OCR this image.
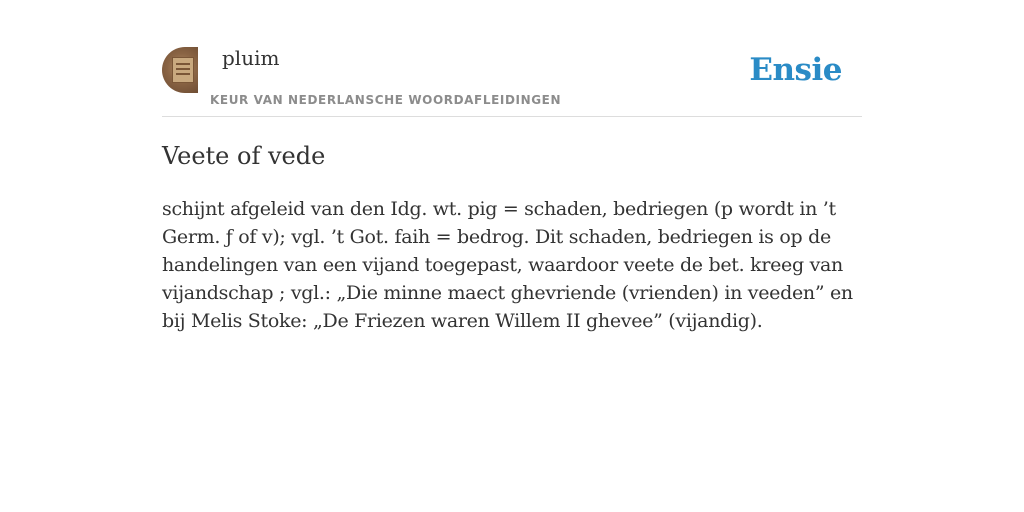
pluim
KEUR VAN NEDERLANSCHE WOORDAFLEIDINGEN
Ensie
Veete of vede

schijnt afgeleid van den Idg. wt. pig = schaden, bedriegen (p wordt in ’t Germ. ƒ of v); vgl. ’t Got. faih = bedrog. Dit schaden, bedriegen is op de handelingen van een vijand toegepast, waardoor veete de bet. kreeg van vijandschap ; vgl.: „Die minne maect ghevriende (vrienden) in veeden” en bij Melis Stoke: „De Friezen waren Willem II ghevee” (vijandig).
